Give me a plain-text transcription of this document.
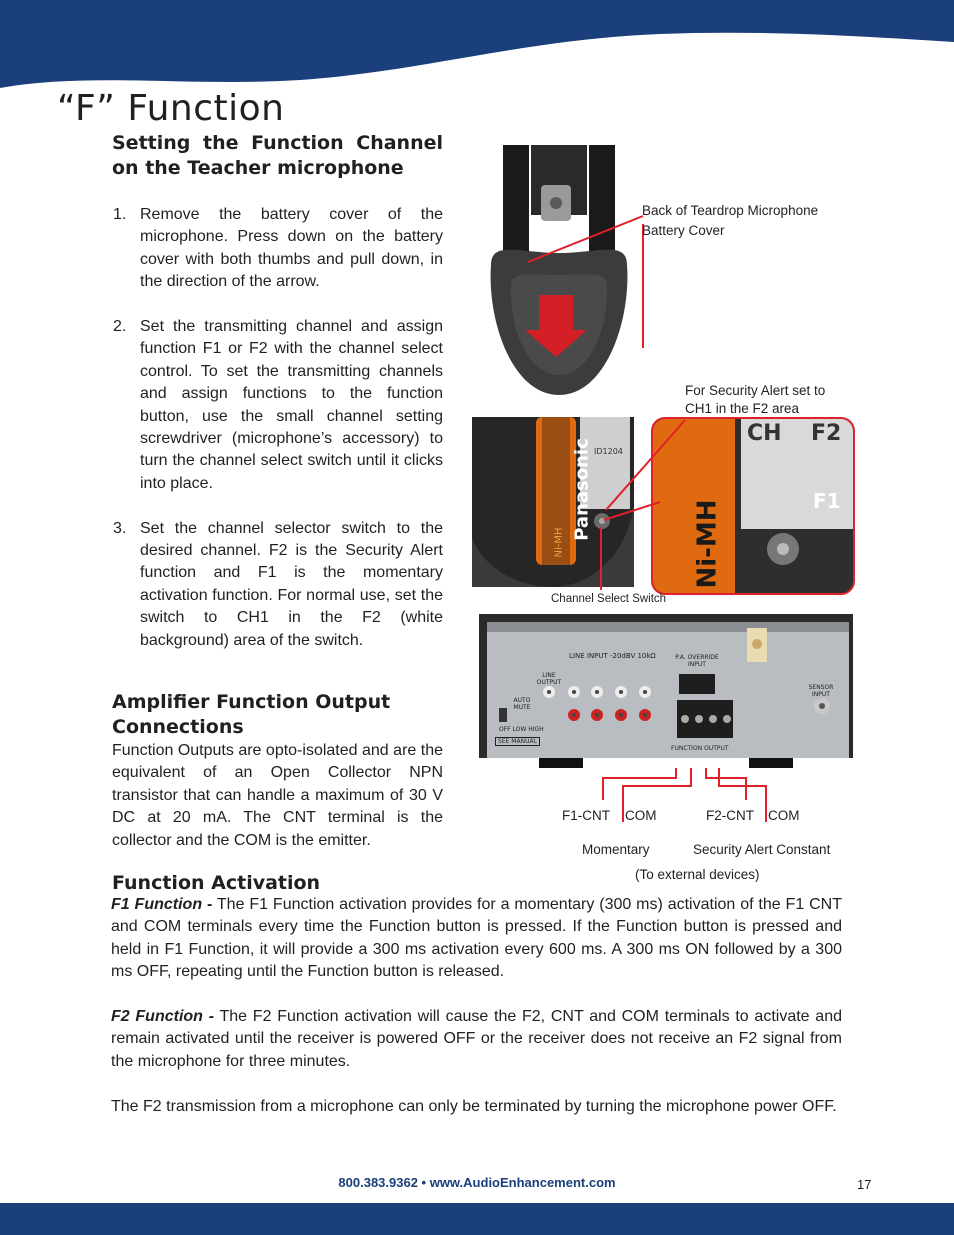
“F” Function
Setting the Function Channel on the Teacher microphone
1. Remove the battery cover of the microphone. Press down on the battery cover with both thumbs and pull down, in the direction of the arrow.
2. Set the transmitting channel and assign function F1 or F2 with the channel select control. To set the transmitting channels and assign functions to the function button, use the small channel setting screwdriver (microphone’s accessory) to turn the channel select switch until it clicks into place.
3. Set the channel selector switch to the desired channel. F2 is the Security Alert function and F1 is the momentary activation function. For normal use, set the switch to CH1 in the F2 (white background) area of the switch.
Amplifier Function Output Connections
Function Outputs are opto-isolated and are the equivalent of an Open Collector NPN transistor that can handle a maximum of 30 V DC at 20 mA. The CNT terminal is the collector and the COM is the emitter.
Function Activation
F1 Function - The F1 Function activation provides for a momentary (300 ms) activation of the F1 CNT and COM terminals every time the Function button is pressed. If the Function button is pressed and held in F1 Function, it will provide a 300 ms activation every 600 ms. A 300 ms ON followed by a 300 ms OFF, repeating until the Function button is released.
F2 Function - The F2 Function activation will cause the F2, CNT and COM terminals to activate and remain activated until the receiver is powered OFF or the receiver does not receive an F2 signal from the microphone for three minutes.
The F2 transmission from a microphone can only be terminated by turning the microphone power OFF.
Panasonic
Ni-MH
ID1204
CH F2
F1
Ni-MH
Back of Teardrop Microphone
Battery Cover
For Security Alert set to
CH1 in the F2 area
Channel Select Switch
LINE INPUT -20dBV 10kΩ
LINE OUTPUT
AUTO MUTE
OFF LOW HIGH
SEE MANUAL
P.A. OVERRIDE INPUT
SENSOR INPUT
FUNCTION OUTPUT
F1-CNT COM	F2-CNT COM
Momentary	Security Alert Constant
(To external devices)
800.383.9362 • www.AudioEnhancement.com	17
